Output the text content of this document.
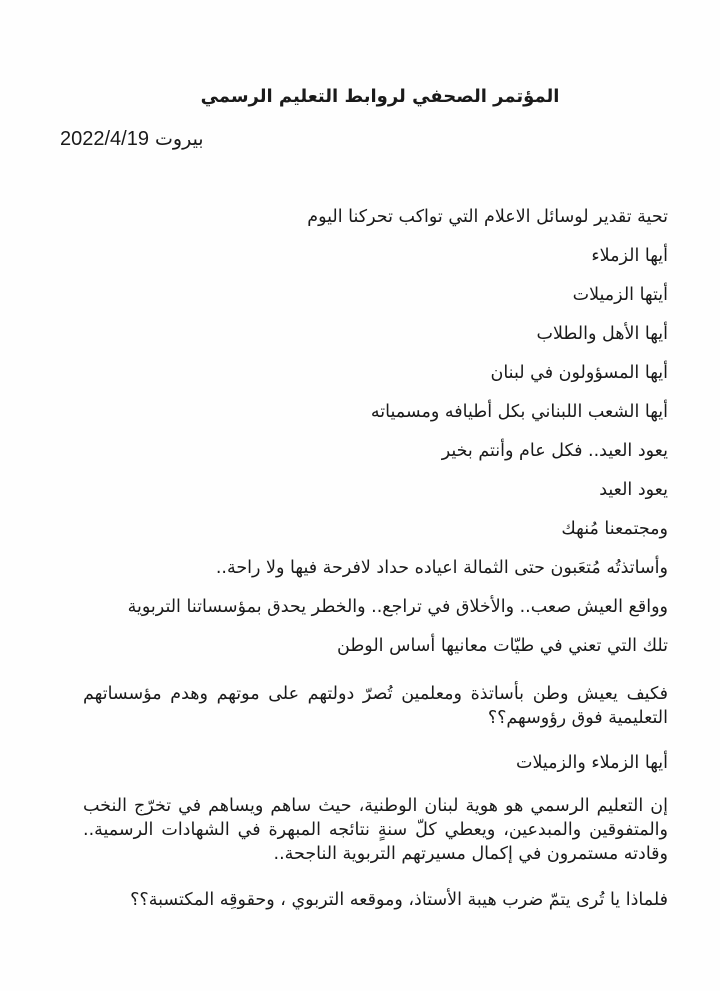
المؤتمر الصحفي لروابط التعليم الرسمي
بيروت 2022/4/19
تحية تقدير لوسائل الاعلام التي تواكب تحركنا اليوم
أيها الزملاء
أيتها الزميلات
أيها الأهل والطلاب
أيها المسؤولون في لبنان
أيها الشعب اللبناني بكل أطيافه ومسمياته
يعود العيد.. فكل عام وأنتم بخير
يعود العيد
ومجتمعنا مُنهك
وأساتذتُه مُتعَبون حتى الثمالة اعياده حداد لافرحة فيها ولا راحة..
وواقع العيش صعب.. والأخلاق في تراجع.. والخطر يحدق بمؤسساتنا التربوية
تلك التي تعني في طيّات معانيها أساس الوطن
فكيف يعيش وطن بأساتذة ومعلمين تُصرّ دولتهم على موتهم وهدم مؤسساتهم التعليمية فوق رؤوسهم؟؟
أيها الزملاء والزميلات
إن التعليم الرسمي هو هوية لبنان الوطنية، حيث ساهم ويساهم في تخرّج النخب والمتفوقين والمبدعين، ويعطي كلّ سنةٍ نتائجه المبهرة في الشهادات الرسمية.. وقادته مستمرون في إكمال مسيرتهم التربوية الناجحة..
فلماذا يا تُرى يتمّ ضرب هيبة الأستاذ، وموقعه التربوي ، وحقوقِه المكتسبة؟؟
